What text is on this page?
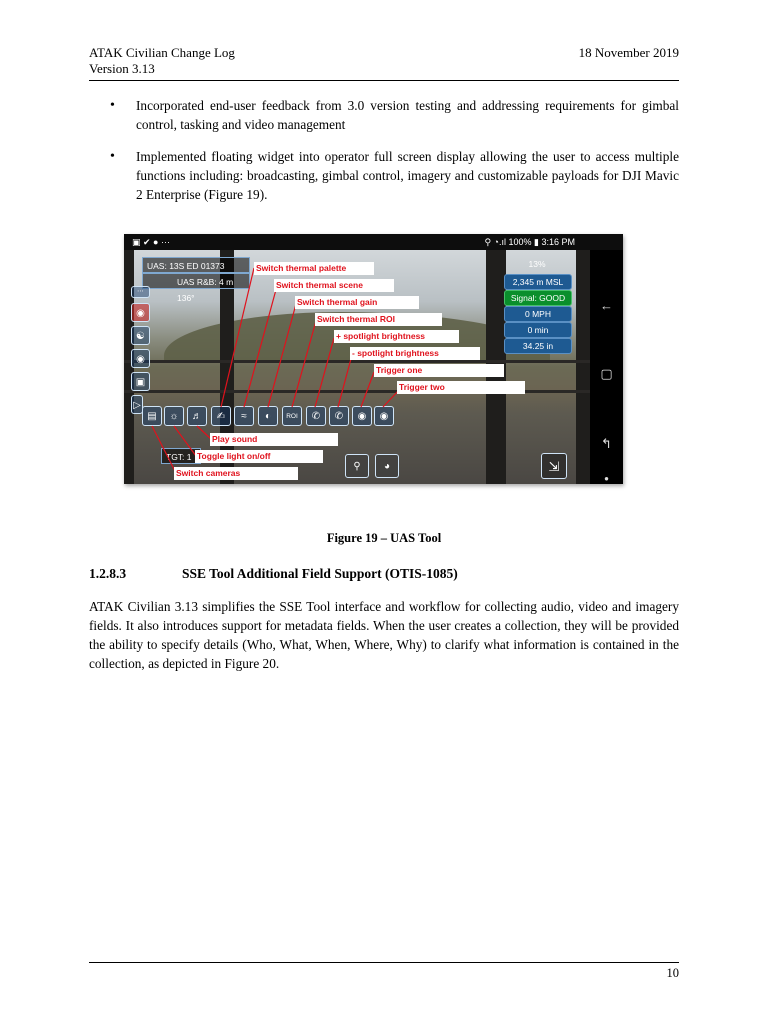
ATAK Civilian Change Log
Version 3.13
18 November 2019
• Incorporated end-user feedback from 3.0 version testing and addressing requirements for gimbal control, tasking and video management
• Implemented floating widget into operator full screen display allowing the user to access multiple functions including: broadcasting, gimbal control, imagery and customizable payloads for DJI Mavic 2 Enterprise (Figure 19).
▣ ✔ ● ···	⚲ ◔.ıl 100% ▮ 3:16 PM
←
▢
↰
●
UAS: 13S ED 01373
UAS R&B: 4 m 136°
TGT: 1
⋯
◉
☯
◉
▣
▷
13%
2,345 m MSL
Signal: GOOD
0 MPH
0 min
34.25 in
▤	☼	♬	✍	≈	◐	ROI	✆	✆	◉	◉
⚲	◕	⇲
Switch thermal palette
Switch thermal scene
Switch thermal gain
Switch thermal ROI
+ spotlight brightness
- spotlight brightness
Trigger one
Trigger two
Play sound
Toggle light on/off
Switch cameras
Figure 19 – UAS Tool
1.2.8.3	SSE Tool Additional Field Support (OTIS-1085)

ATAK Civilian 3.13 simplifies the SSE Tool interface and workflow for collecting audio, video and imagery fields. It also introduces support for metadata fields. When the user creates a collection, they will be provided the ability to specify details (Who, What, When, Where, Why) to clarify what information is contained in the collection, as depicted in Figure 20.

10
